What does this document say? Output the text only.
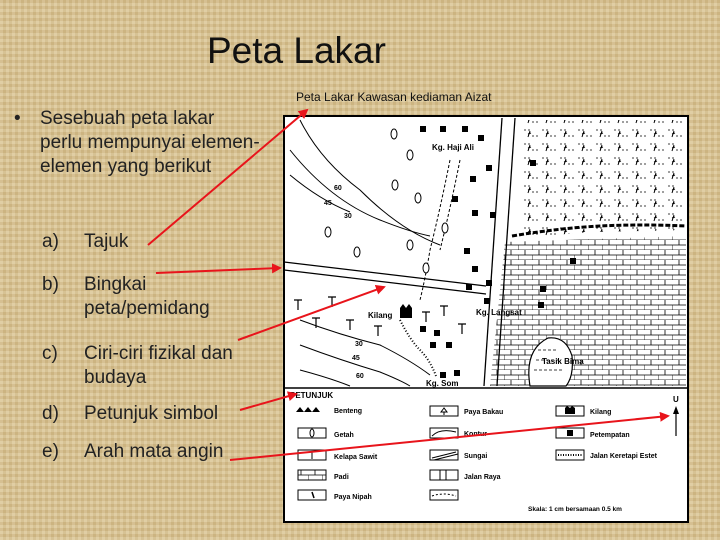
Peta Lakar
Peta Lakar Kawasan kediaman Aizat
• Sesebuah peta lakar perlu mempunyai elemen-elemen yang berikut
a)	Tajuk
b)	Bingkai peta/pemidang
c)	Ciri-ciri fizikal dan budaya
d)	Petunjuk simbol
e)	Arah mata angin
Kg. Haji Ali
Kg. Langsat
Kg. Som
Kilang
Tasik Bima
60
45
30
30
45
60
PETUNJUK
Benteng
Getah
Kelapa Sawit
Padi
Paya Nipah
Paya Bakau
Kontur
Sungai
Jalan Raya
Kilang
Petempatan
Jalan Keretapi Estet
U
Skala: 1 cm bersamaan 0.5 km
